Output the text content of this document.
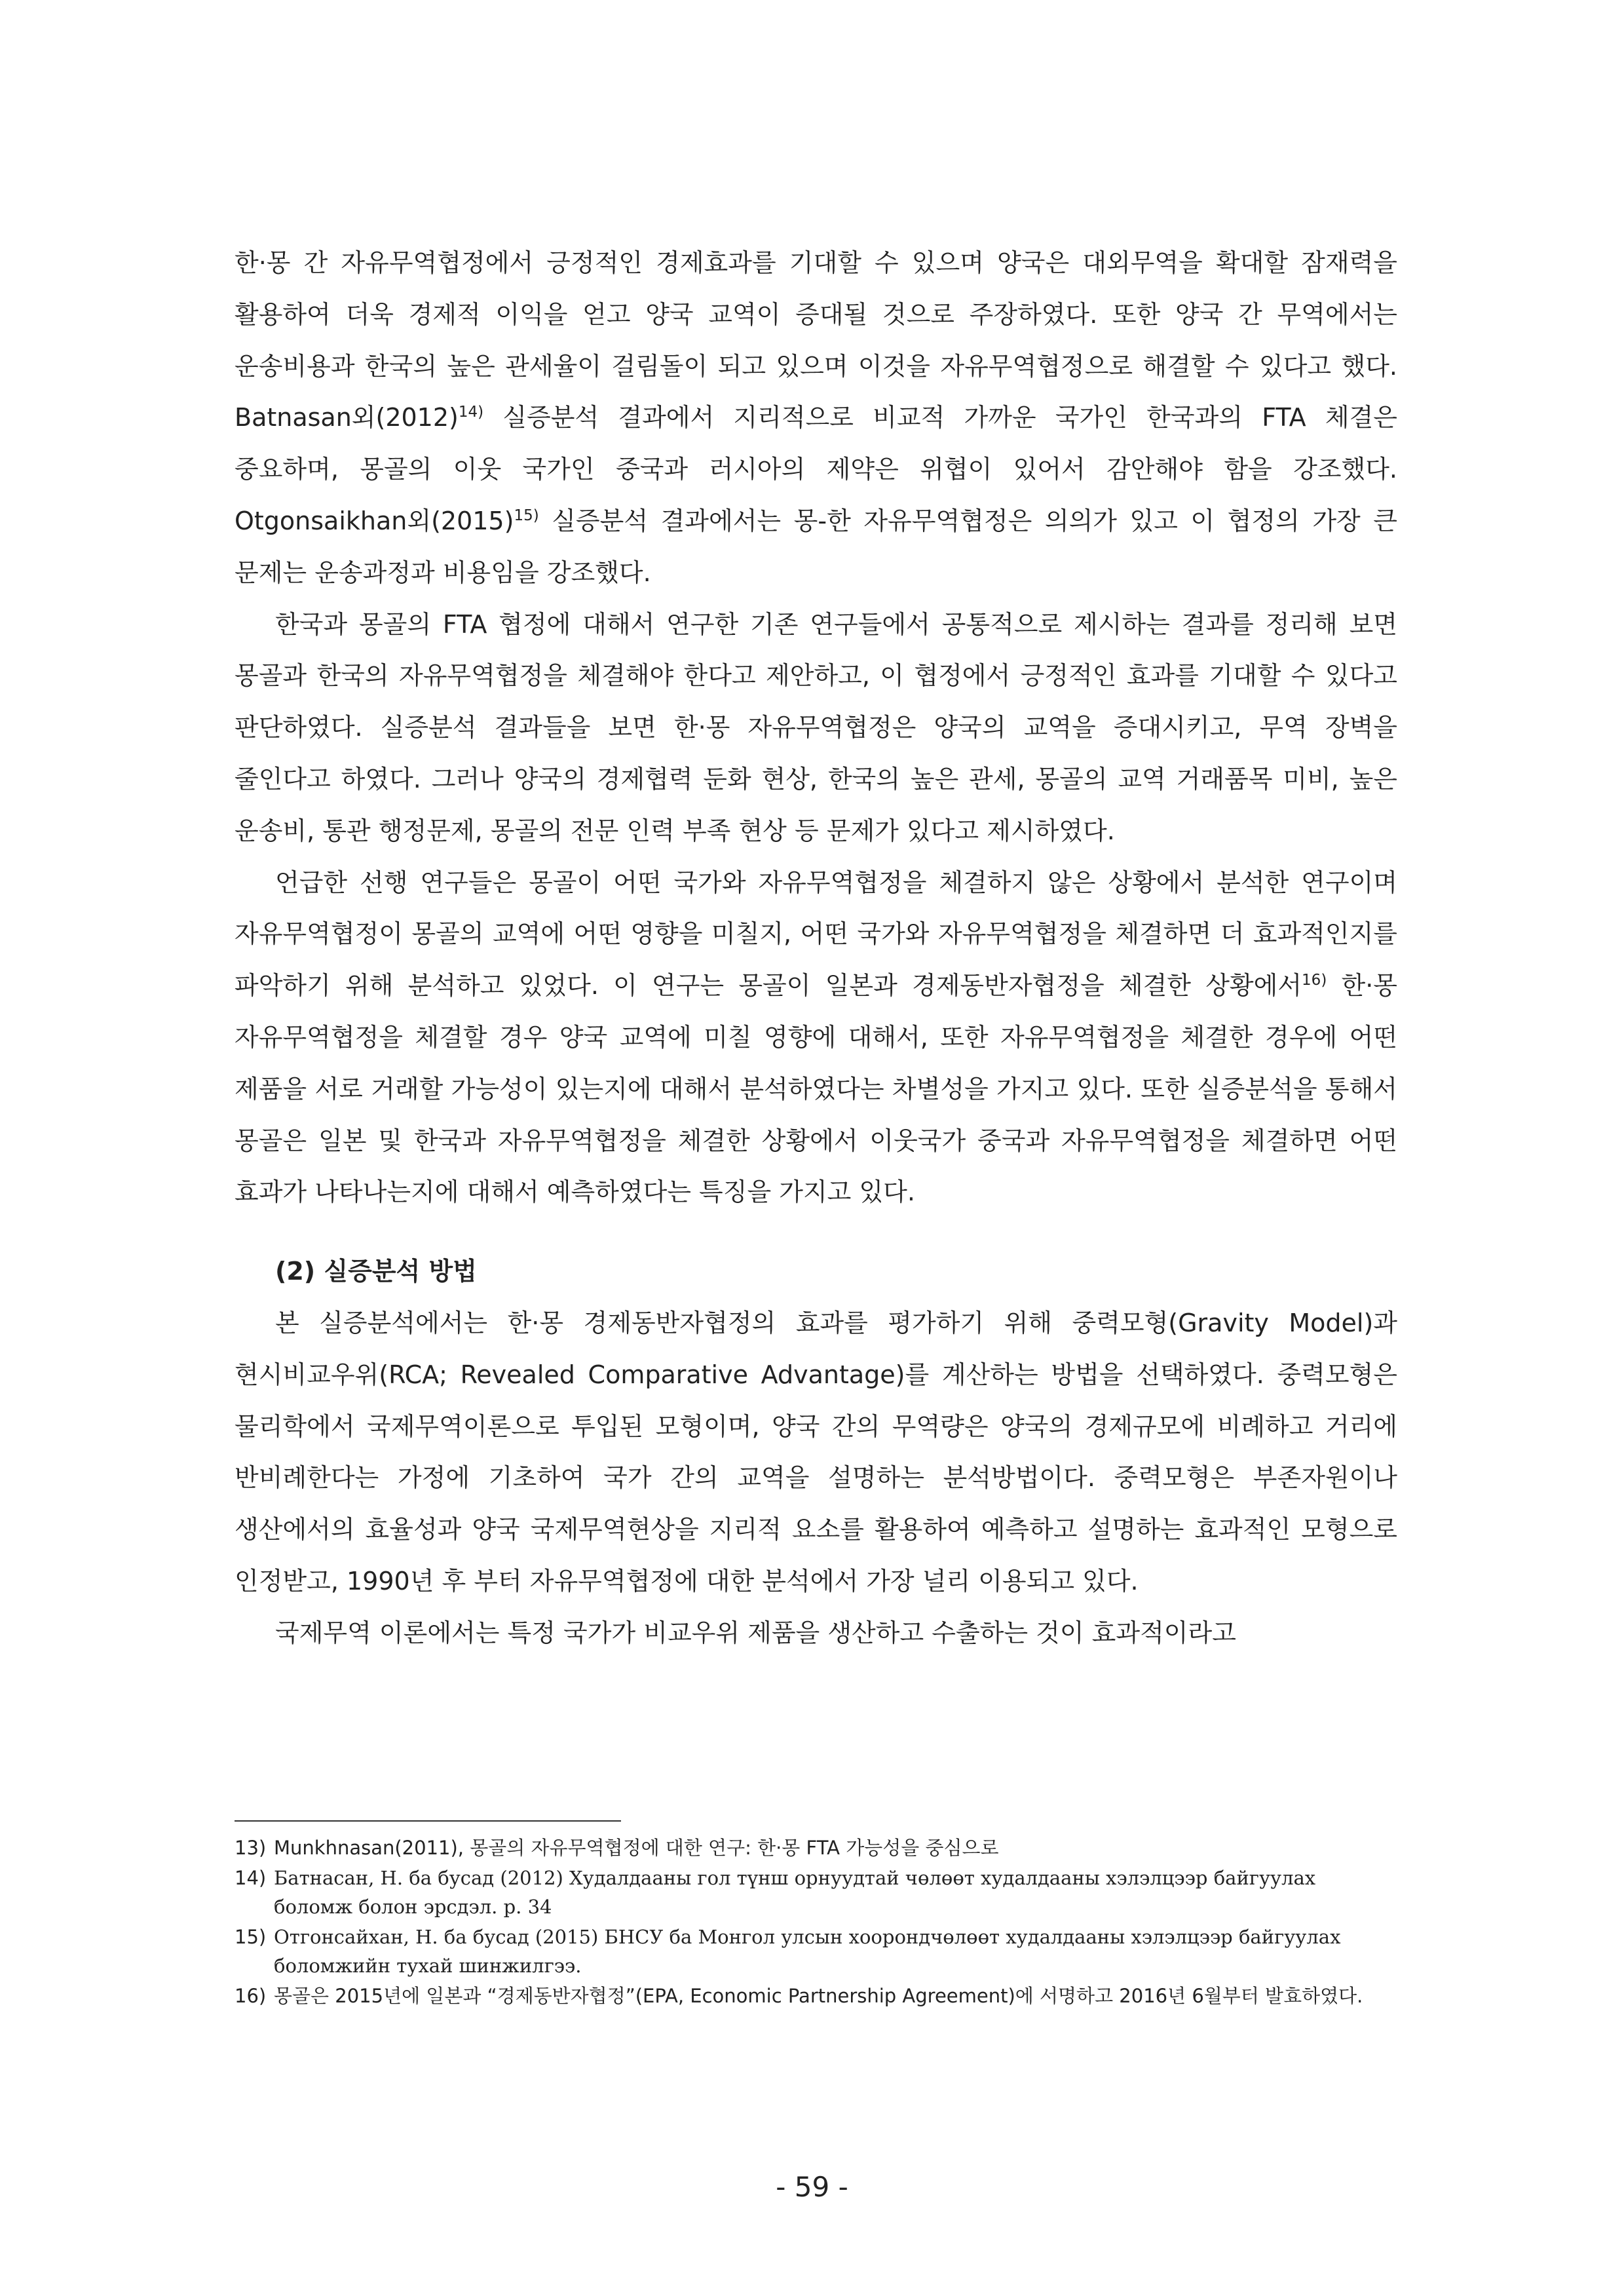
한·몽 간 자유무역협정에서 긍정적인 경제효과를 기대할 수 있으며 양국은 대외무역을 확대할 잠재력을 활용하여 더욱 경제적 이익을 얻고 양국 교역이 증대될 것으로 주장하였다. 또한 양국 간 무역에서는 운송비용과 한국의 높은 관세율이 걸림돌이 되고 있으며 이것을 자유무역협정으로 해결할 수 있다고 했다. Batnasan외$(2012)^{14)}$ 실증분석 결과에서 지리적으로 비교적 가까운 국가인 한국과의 FTA 체결은 중요하며, 몽골의 이웃 국가인 중국과 러시아의 제약은 위협이 있어서 감안해야 함을 강조했다. Otgonsaikhan외$(2015)^{15)}$ 실증분석 결과에서는 몽-한 자유무역협정은 의의가 있고 이 협정의 가장 큰 문제는 운송과정과 비용임을 강조했다.

한국과 몽골의 FTA 협정에 대해서 연구한 기존 연구들에서 공통적으로 제시하는 결과를 정리해 보면 몽골과 한국의 자유무역협정을 체결해야 한다고 제안하고, 이 협정에서 긍정적인 효과를 기대할 수 있다고 판단하였다. 실증분석 결과들을 보면 한·몽 자유무역협정은 양국의 교역을 증대시키고, 무역 장벽을 줄인다고 하였다. 그러나 양국의 경제협력 둔화 현상, 한국의 높은 관세, 몽골의 교역 거래품목 미비, 높은 운송비, 통관 행정문제, 몽골의 전문 인력 부족 현상 등 문제가 있다고 제시하였다.

언급한 선행 연구들은 몽골이 어떤 국가와 자유무역협정을 체결하지 않은 상황에서 분석한 연구이며 자유무역협정이 몽골의 교역에 어떤 영향을 미칠지, 어떤 국가와 자유무역협정을 체결하면 더 효과적인지를 파악하기 위해 분석하고 있었다. 이 연구는 몽골이 일본과 경제동반자협정을 체결한 상황에서$^{16)}$ 한·몽 자유무역협정을 체결할 경우 양국 교역에 미칠 영향에 대해서, 또한 자유무역협정을 체결한 경우에 어떤 제품을 서로 거래할 가능성이 있는지에 대해서 분석하였다는 차별성을 가지고 있다. 또한 실증분석을 통해서 몽골은 일본 및 한국과 자유무역협정을 체결한 상황에서 이웃국가 중국과 자유무역협정을 체결하면 어떤 효과가 나타나는지에 대해서 예측하였다는 특징을 가지고 있다.

(2) 실증분석 방법

본 실증분석에서는 한·몽 경제동반자협정의 효과를 평가하기 위해 중력모형(Gravity Model)과 현시비교우위(RCA; Revealed Comparative Advantage)를 계산하는 방법을 선택하였다. 중력모형은 물리학에서 국제무역이론으로 투입된 모형이며, 양국 간의 무역량은 양국의 경제규모에 비례하고 거리에 반비례한다는 가정에 기초하여 국가 간의 교역을 설명하는 분석방법이다. 중력모형은 부존자원이나 생산에서의 효율성과 양국 국제무역현상을 지리적 요소를 활용하여 예측하고 설명하는 효과적인 모형으로 인정받고, 1990년 후 부터 자유무역협정에 대한 분석에서 가장 널리 이용되고 있다.

국제무역 이론에서는 특정 국가가 비교우위 제품을 생산하고 수출하는 것이 효과적이라고

13) Munkhnasan(2011), 몽골의 자유무역협정에 대한 연구: 한·몽 FTA 가능성을 중심으로
14) Батнасан, Н. ба бусад (2012) Худалдааны гол түнш орнуудтай чөлөөт худалдааны хэлэлцээр байгуулах боломж болон эрсдэл. p. 34
15) Отгонсайхан, Н. ба бусад (2015) БНСУ ба Монгол улсын хоорондчөлөөт худалдааны хэлэлцээр байгуулах боломжийн тухай шинжилгээ.
16) 몽골은 2015년에 일본과 “경제동반자협정”(EPA, Economic Partnership Agreement)에 서명하고 2016년 6월부터 발효하였다.
- 59 -
